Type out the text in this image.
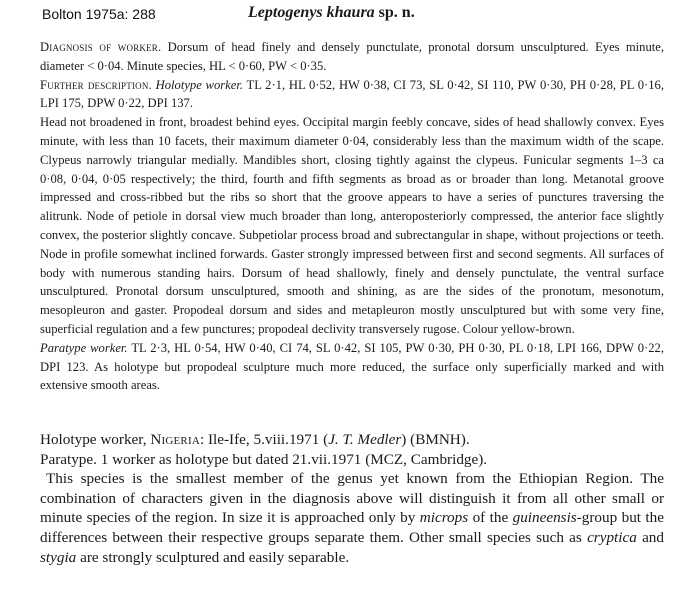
Bolton 1975a: 288	Leptogenys khaura sp. n.

Diagnosis of worker. Dorsum of head finely and densely punctulate, pronotal dorsum unsculptured. Eyes minute, diameter < 0·04. Minute species, HL < 0·60, PW < 0·35.

Further description. Holotype worker. TL 2·1, HL 0·52, HW 0·38, CI 73, SL 0·42, SI 110, PW 0·30, PH 0·28, PL 0·16, LPI 175, DPW 0·22, DPI 137.

Head not broadened in front, broadest behind eyes. Occipital margin feebly concave, sides of head shallowly convex. Eyes minute, with less than 10 facets, their maximum diameter 0·04, considerably less than the maximum width of the scape. Clypeus narrowly triangular medially. Mandibles short, closing tightly against the clypeus. Funicular segments 1–3 ca 0·08, 0·04, 0·05 respectively; the third, fourth and fifth segments as broad as or broader than long. Metanotal groove impressed and cross-ribbed but the ribs so short that the groove appears to have a series of punctures traversing the alitrunk. Node of petiole in dorsal view much broader than long, anteroposteriorly compressed, the anterior face slightly convex, the posterior slightly concave. Subpetiolar process broad and subrectangular in shape, without projections or teeth. Node in profile somewhat inclined forwards. Gaster strongly impressed between first and second segments. All surfaces of body with numerous standing hairs. Dorsum of head shallowly, finely and densely punctulate, the ventral surface unsculptured. Pronotal dorsum unsculptured, smooth and shining, as are the sides of the pronotum, mesonotum, mesopleuron and gaster. Propodeal dorsum and sides and metapleuron mostly unsculptured but with some very fine, superficial regulation and a few punctures; propodeal declivity transversely rugose. Colour yellow-brown.

Paratype worker. TL 2·3, HL 0·54, HW 0·40, CI 74, SL 0·42, SI 105, PW 0·30, PH 0·30, PL 0·18, LPI 166, DPW 0·22, DPI 123. As holotype but propodeal sculpture much more reduced, the surface only superficially marked and with extensive smooth areas.

Holotype worker, Nigeria: Ile-Ife, 5.viii.1971 (J. T. Medler) (BMNH).

Paratype. 1 worker as holotype but dated 21.vii.1971 (MCZ, Cambridge).

This species is the smallest member of the genus yet known from the Ethiopian Region. The combination of characters given in the diagnosis above will distinguish it from all other small or minute species of the region. In size it is approached only by microps of the guineensis-group but the differences between their respective groups separate them. Other small species such as cryptica and stygia are strongly sculptured and easily separable.
